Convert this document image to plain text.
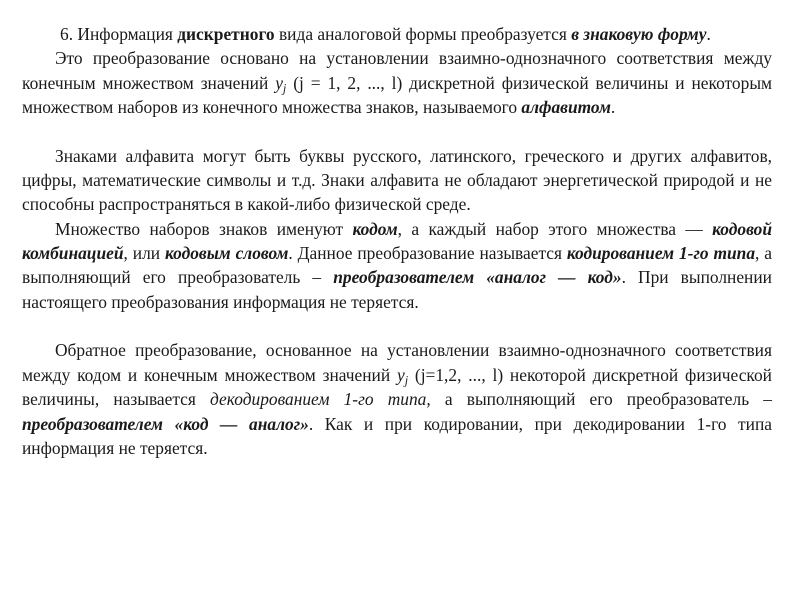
6. Информация дискретного вида аналоговой формы преобразуется в знаковую форму.

Это преобразование основано на установлении взаимно-однозначного соответствия между конечным множеством значений $y_j$ (j = 1, 2, ..., l) дискретной физической величины и некоторым множеством наборов из конечного множества знаков, называемого алфавитом.

Знаками алфавита могут быть буквы русского, латинского, греческого и других алфавитов, цифры, математические символы и т.д. Знаки алфавита не обладают энергетической природой и не способны распространяться в какой-либо физической среде.

Множество наборов знаков именуют кодом, а каждый набор этого множества — кодовой комбинацией, или кодовым словом. Данное преобразование называется кодированием 1-го типа, а выполняющий его преобразователь – преобразователем «аналог — код». При выполнении настоящего преобразования информация не теряется.

Обратное преобразование, основанное на установлении взаимно-однозначного соответствия между кодом и конечным множеством значений $y_j$ (j=1,2, ..., l) некоторой дискретной физической величины, называется декодированием 1-го типа, а выполняющий его преобразователь – преобразователем «код — аналог». Как и при кодировании, при декодировании 1-го типа информация не теряется.
